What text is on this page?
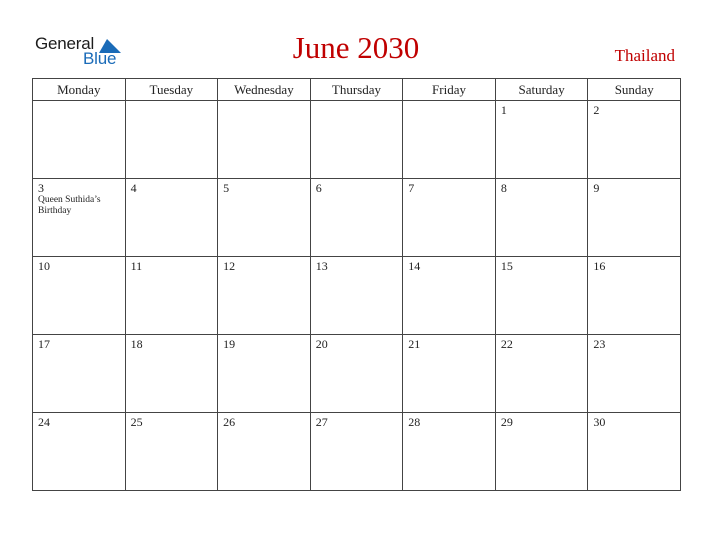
General
Blue	June 2030	Thailand
Monday	Tuesday	Wednesday	Thursday	Friday	Saturday	Sunday

					1	2

3
Queen Suthida’s Birthday	4	5	6	7	8	9

10	11	12	13	14	15	16

17	18	19	20	21	22	23

24	25	26	27	28	29	30
